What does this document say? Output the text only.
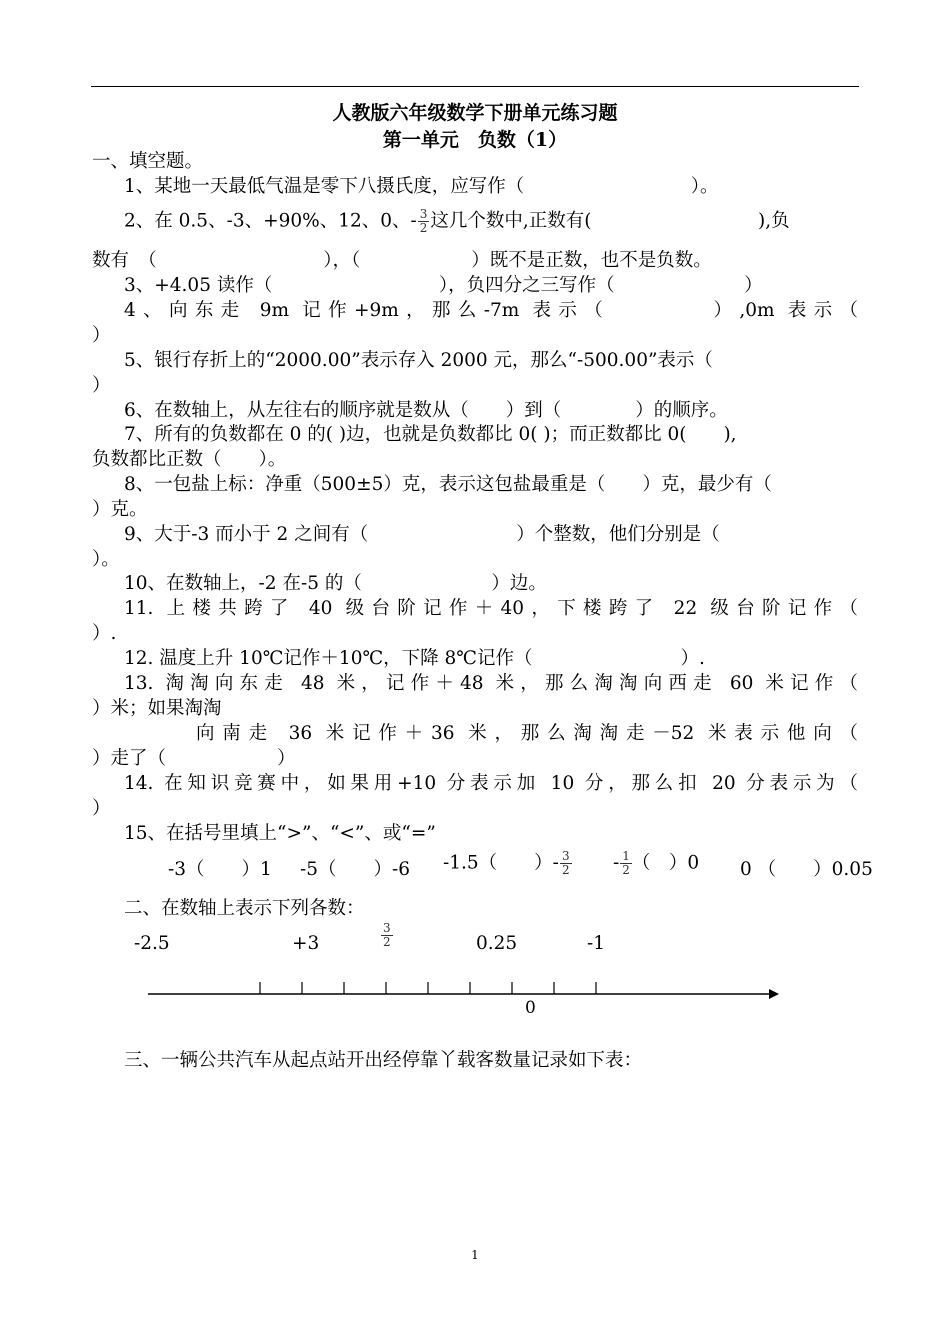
人教版六年级数学下册单元练习题
第一单元　负数（1）
一、填空题。
1、某地一天最低气温是零下八摄氏度，应写作（　　　　　　　　　）。
2、在 0.5、-3、+90%、12、0、- $\frac{3}{2}$ 这几个数中,正数有(　　　　　　　　　),负
数有　（　　　　　　　　　），（　　　　　　）既不是正数，也不是负数。
3、+4.05 读作（　　　　　　　　　），负四分之三写作（　　　　　　　）
4、向东走 9m 记作+9m，那么-7m 表示（　　　　）,0m 表示（
）
5、银行存折上的“2000.00”表示存入 2000 元，那么“-500.00”表示（
）
6、在数轴上，从左往右的顺序就是数从（　　）到（　　　　）的顺序。
7、所有的负数都在 0 的( )边，也就是负数都比 0( )；而正数都比 0(　　),
负数都比正数（　　）。
8、一包盐上标：净重（500±5）克，表示这包盐最重是（　　）克，最少有（
）克。
9、大于-3 而小于 2 之间有（　　　　　　　　）个整数，他们分别是（
）。
10、在数轴上，-2 在-5 的（　　　　　　　）边。
11. 上楼共跨了 40 级台阶记作＋40，下楼跨了 22 级台阶记作（
）.
12. 温度上升 10℃记作＋10℃，下降 8℃记作（　　　　　　　　）.
13. 淘淘向东走 48 米，记作＋48 米，那么淘淘向西走 60 米记作（
）米；如果淘淘
向南走 36 米记作＋36 米，那么淘淘走－52 米表示他向（
）走了（　　　　　　）
14. 在知识竞赛中，如果用+10 分表示加 10 分，那么扣 20 分表示为（
）
15、在括号里填上“>”、“<”、或“=”
-3（　　）1 -5（　　）-6 -1.5（　　）- $\frac{3}{2} - \frac{1}{2}$ （　）0 0 （　　）0.05
二、在数轴上表示下列各数：
-2.5	+3	$\frac{3}{2}$	0.25	-1
0
三、一辆公共汽车从起点站开出经停靠丫载客数量记录如下表：
1
